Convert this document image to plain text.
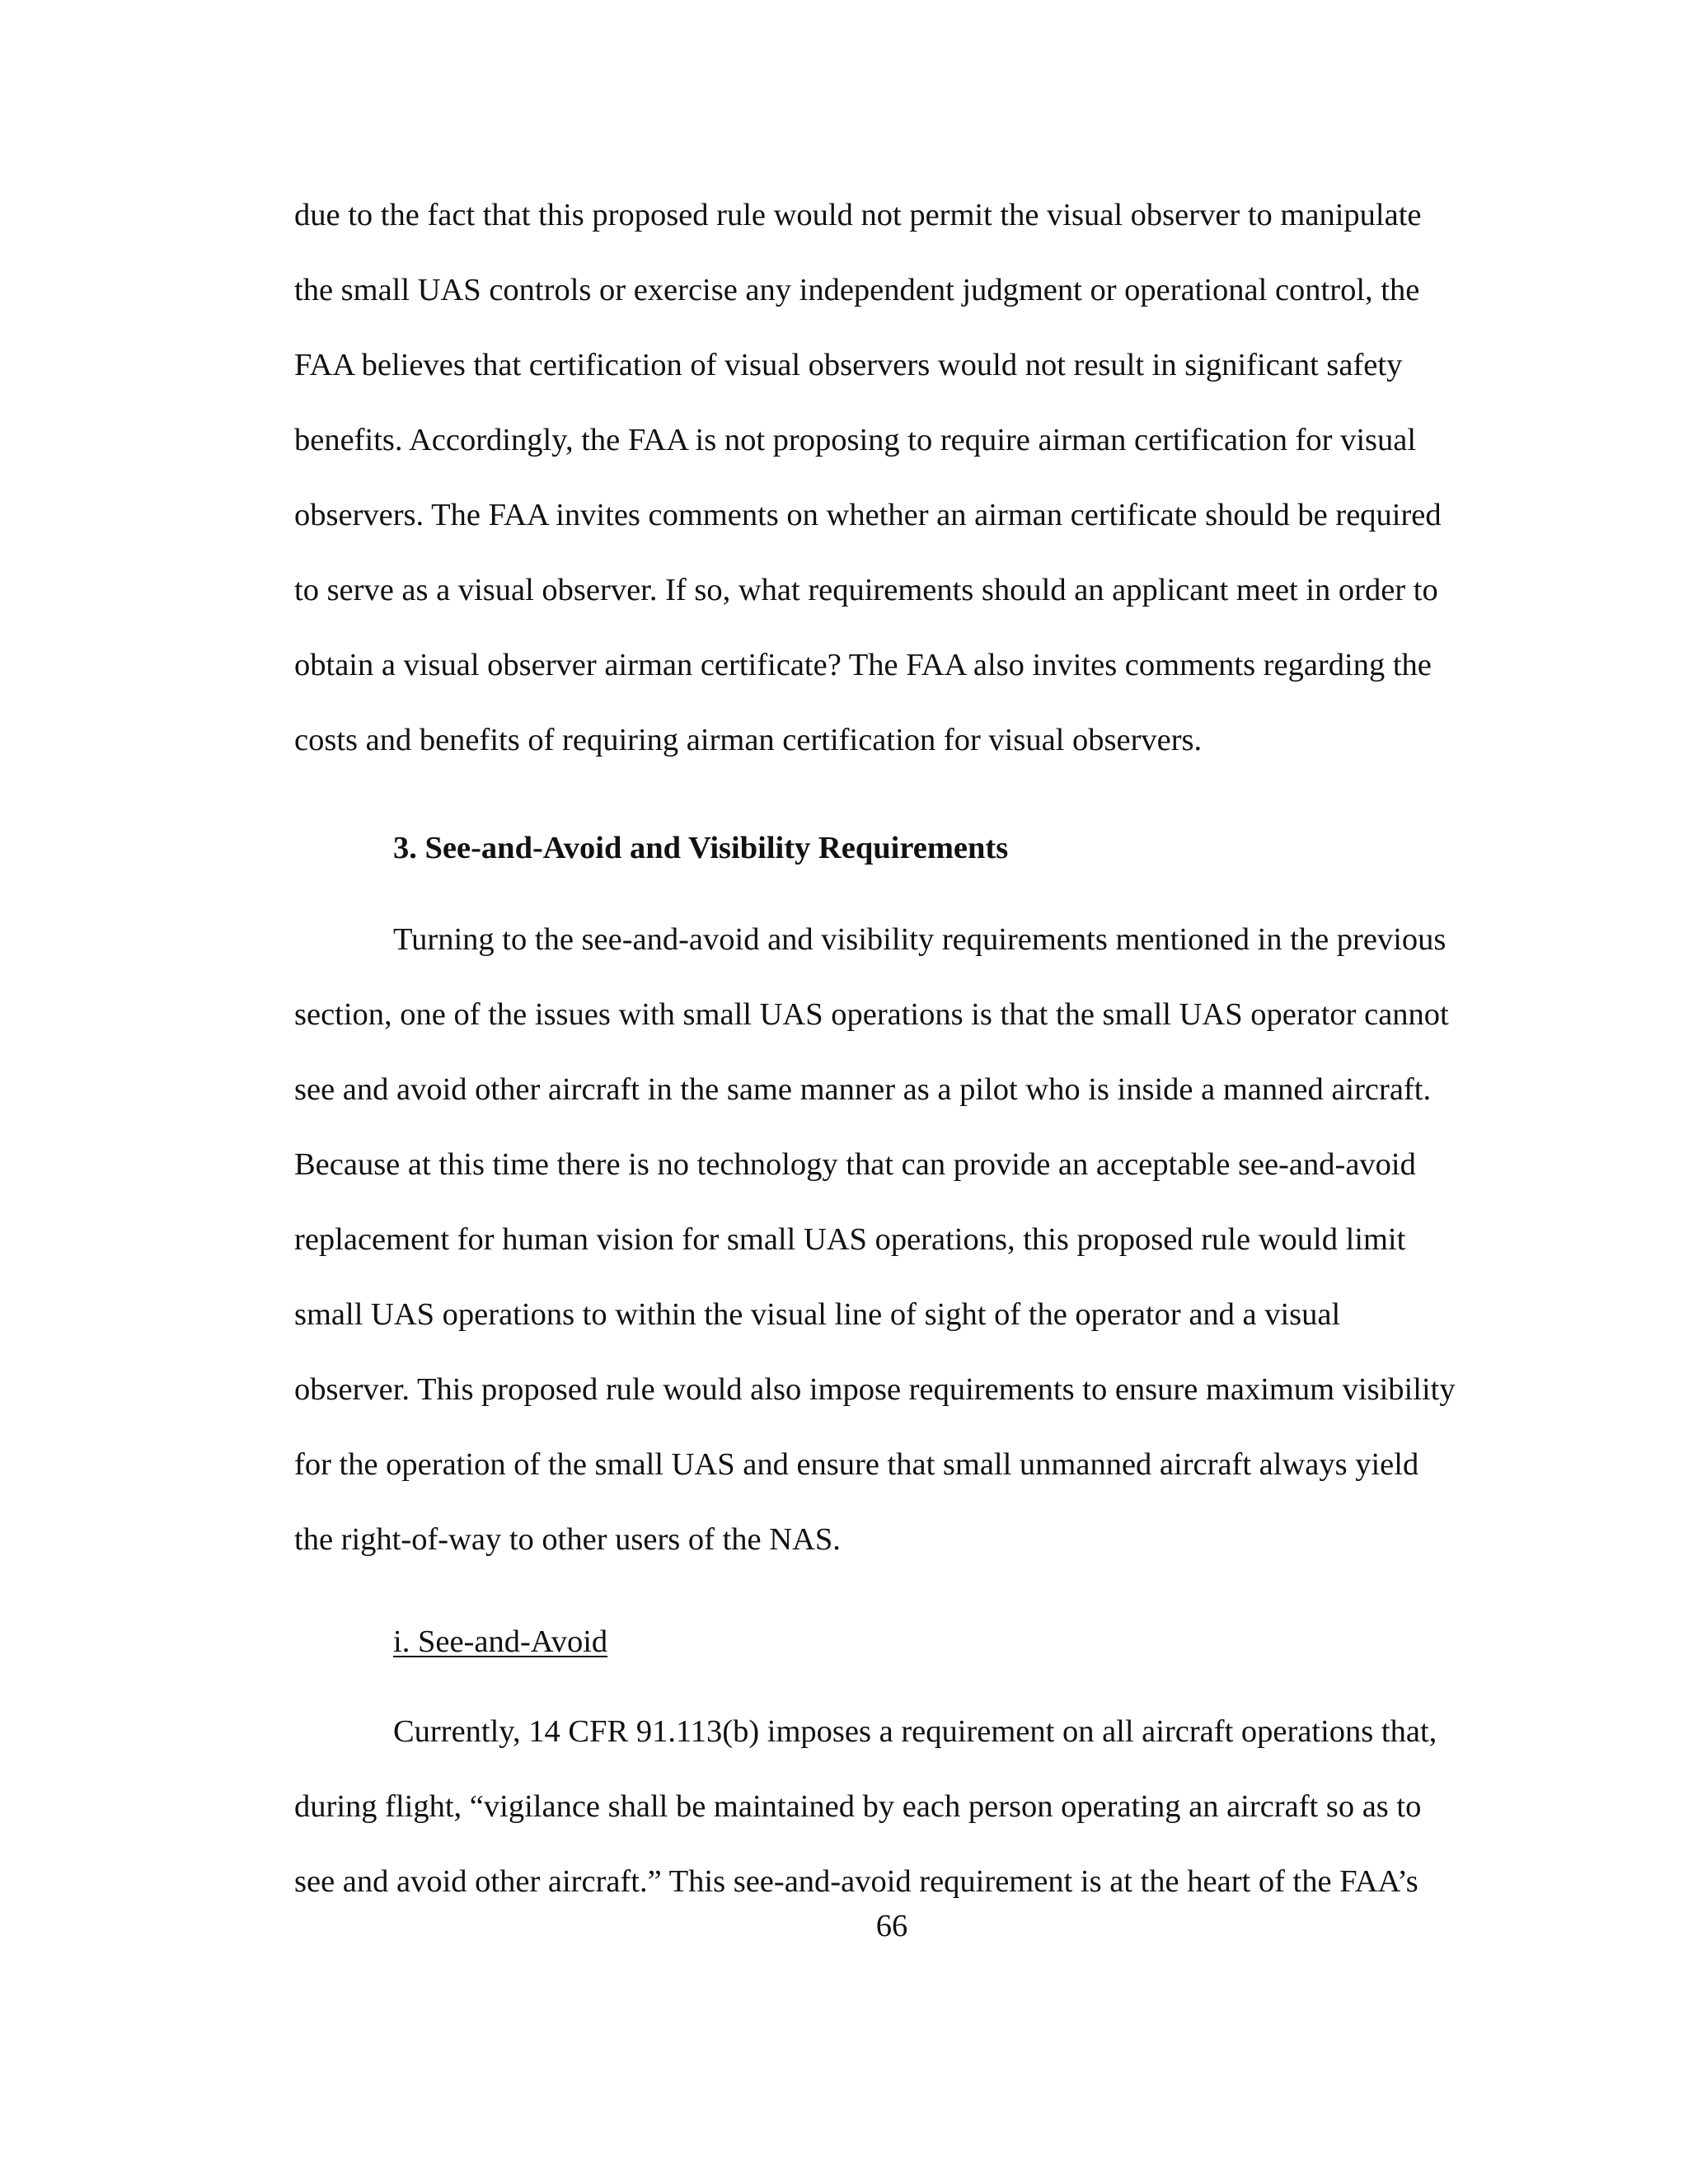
due to the fact that this proposed rule would not permit the visual observer to manipulate
the small UAS controls or exercise any independent judgment or operational control, the
FAA believes that certification of visual observers would not result in significant safety
benefits. Accordingly, the FAA is not proposing to require airman certification for visual
observers. The FAA invites comments on whether an airman certificate should be required
to serve as a visual observer. If so, what requirements should an applicant meet in order to
obtain a visual observer airman certificate? The FAA also invites comments regarding the
costs and benefits of requiring airman certification for visual observers.
3. See-and-Avoid and Visibility Requirements
Turning to the see-and-avoid and visibility requirements mentioned in the previous
section, one of the issues with small UAS operations is that the small UAS operator cannot
see and avoid other aircraft in the same manner as a pilot who is inside a manned aircraft.
Because at this time there is no technology that can provide an acceptable see-and-avoid
replacement for human vision for small UAS operations, this proposed rule would limit
small UAS operations to within the visual line of sight of the operator and a visual
observer. This proposed rule would also impose requirements to ensure maximum visibility
for the operation of the small UAS and ensure that small unmanned aircraft always yield
the right-of-way to other users of the NAS.
i. See-and-Avoid
Currently, 14 CFR 91.113(b) imposes a requirement on all aircraft operations that,
during flight, “vigilance shall be maintained by each person operating an aircraft so as to
see and avoid other aircraft.” This see-and-avoid requirement is at the heart of the FAA’s
66
